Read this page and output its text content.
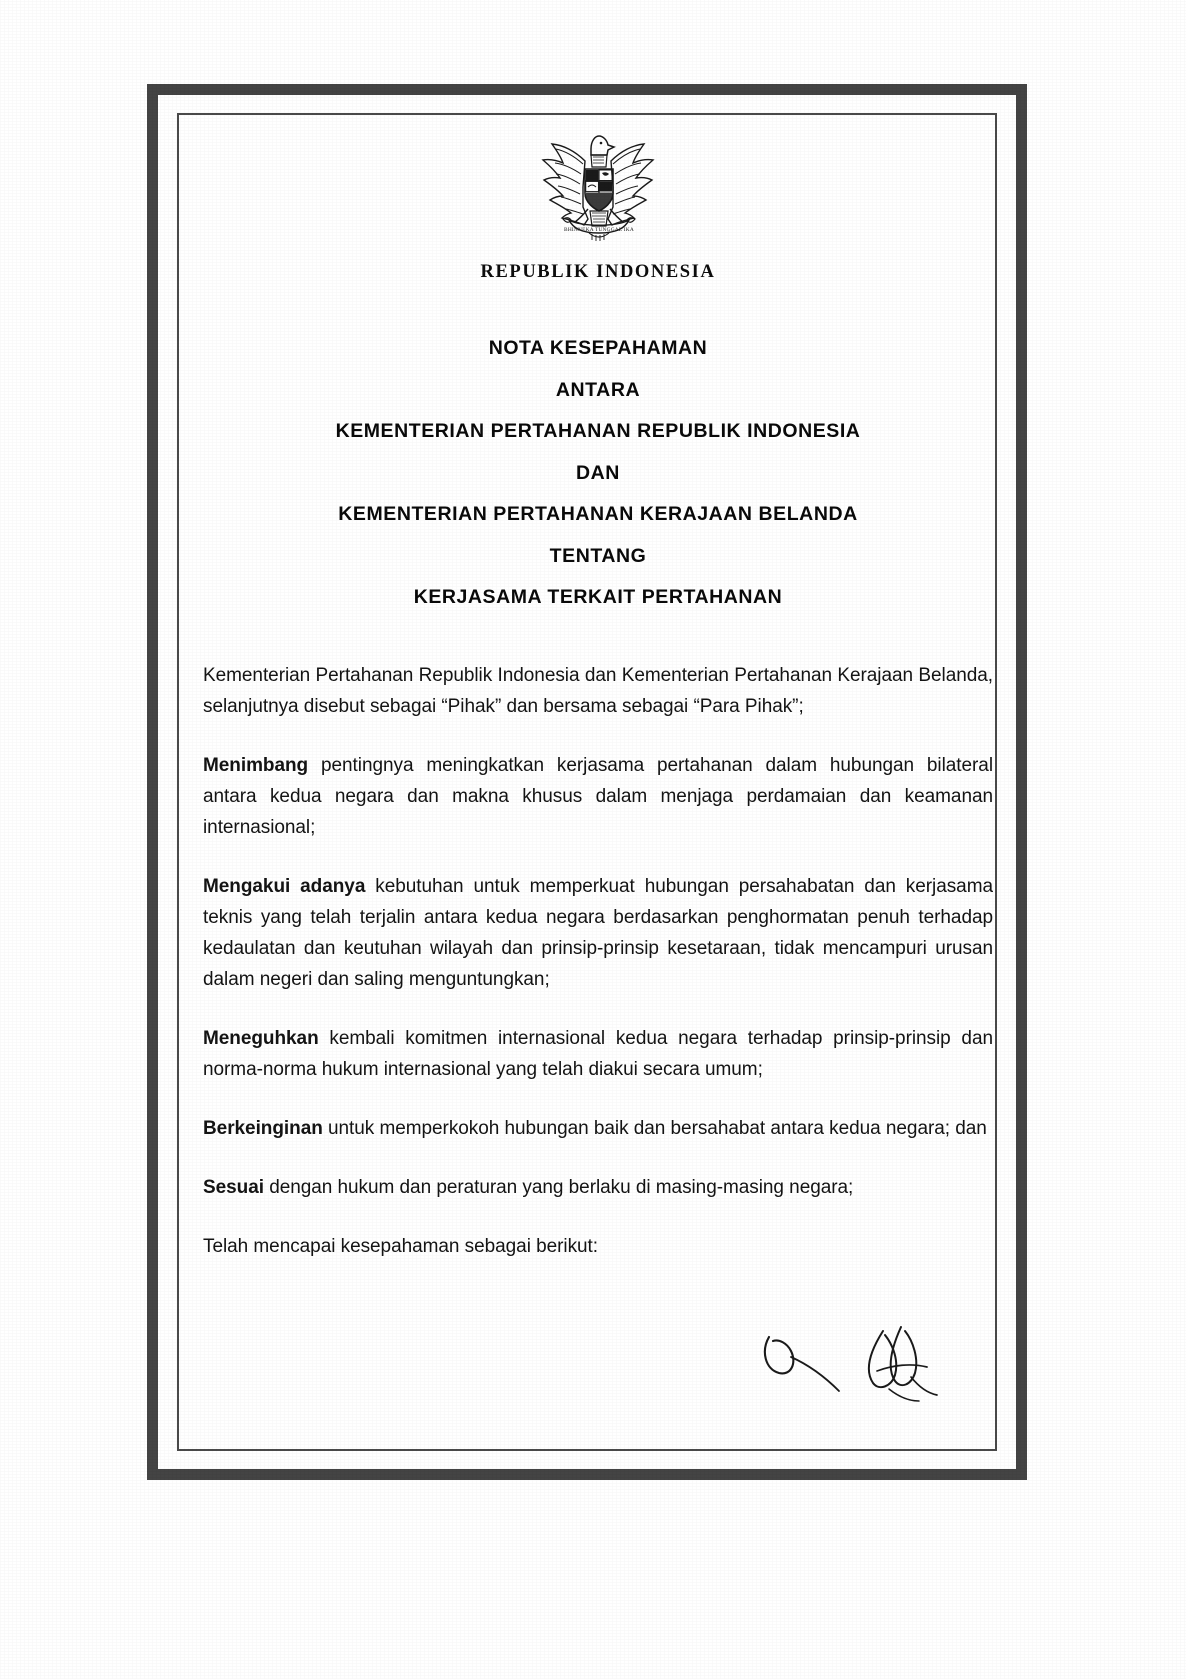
BHINNEKA TUNGGAL IKA
REPUBLIK INDONESIA
NOTA KESEPAHAMAN
ANTARA
KEMENTERIAN PERTAHANAN REPUBLIK INDONESIA
DAN
KEMENTERIAN PERTAHANAN KERAJAAN BELANDA
TENTANG
KERJASAMA TERKAIT PERTAHANAN

Kementerian Pertahanan Republik Indonesia dan Kementerian Pertahanan Kerajaan Belanda, selanjutnya disebut sebagai “Pihak” dan bersama sebagai “Para Pihak”;

Menimbang pentingnya meningkatkan kerjasama pertahanan dalam hubungan bilateral antara kedua negara dan makna khusus dalam menjaga perdamaian dan keamanan internasional;

Mengakui adanya kebutuhan untuk memperkuat hubungan persahabatan dan kerjasama teknis yang telah terjalin antara kedua negara berdasarkan penghormatan penuh terhadap kedaulatan dan keutuhan wilayah dan prinsip-prinsip kesetaraan, tidak mencampuri urusan dalam negeri dan saling menguntungkan;

Meneguhkan kembali komitmen internasional kedua negara terhadap prinsip-prinsip dan norma-norma hukum internasional yang telah diakui secara umum;

Berkeinginan untuk memperkokoh hubungan baik dan bersahabat antara kedua negara; dan

Sesuai dengan hukum dan peraturan yang berlaku di masing-masing negara;

Telah mencapai kesepahaman sebagai berikut:
